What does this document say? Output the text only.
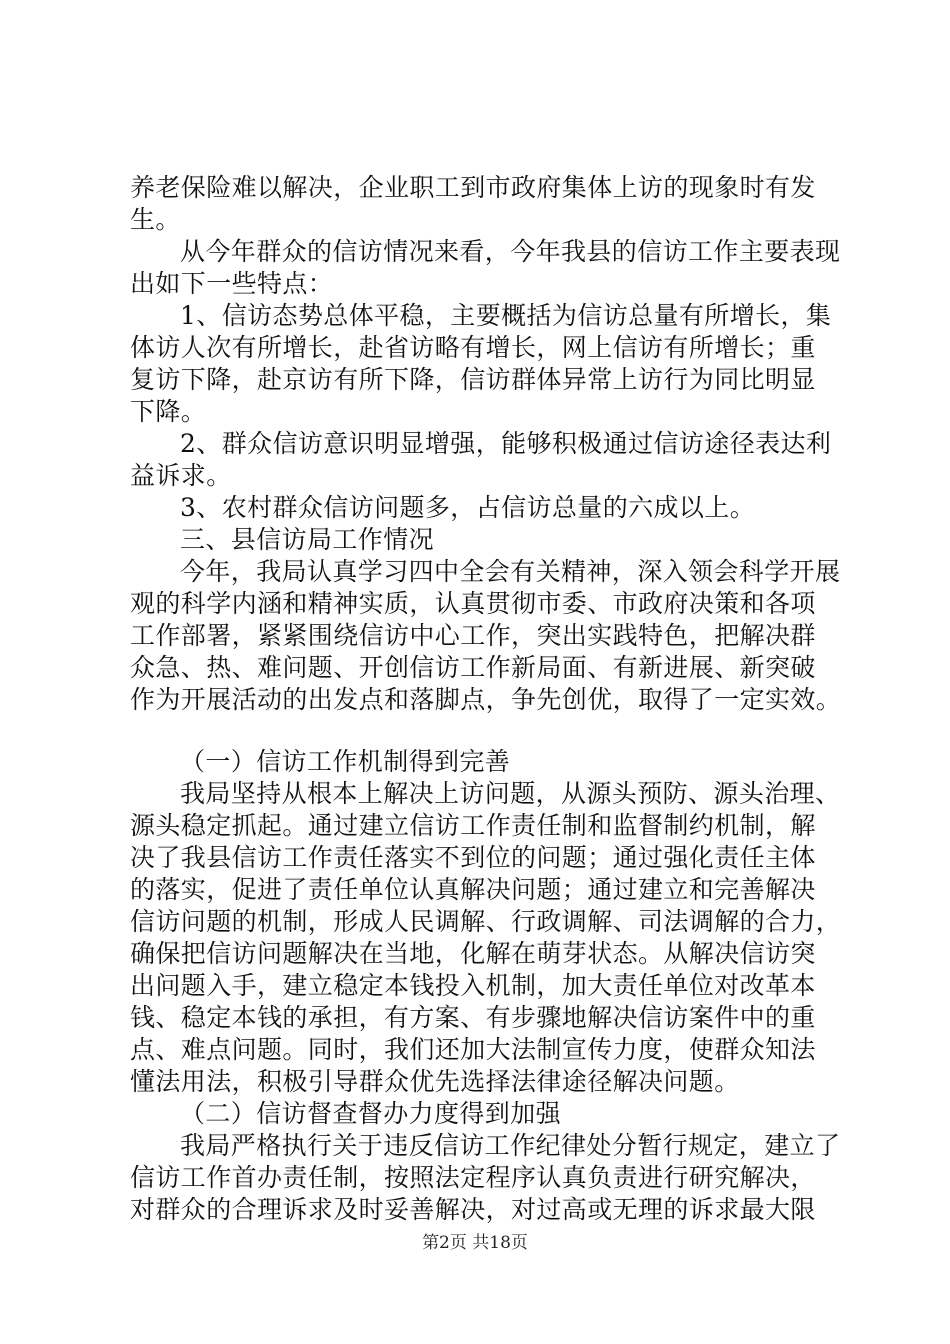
养老保险难以解决，企业职工到市政府集体上访的现象时有发
生。
从今年群众的信访情况来看，今年我县的信访工作主要表现
出如下一些特点：
1、信访态势总体平稳，主要概括为信访总量有所增长，集
体访人次有所增长，赴省访略有增长，网上信访有所增长；重
复访下降，赴京访有所下降，信访群体异常上访行为同比明显
下降。
2、群众信访意识明显增强，能够积极通过信访途径表达利
益诉求。
3、农村群众信访问题多，占信访总量的六成以上。
三、县信访局工作情况
今年，我局认真学习四中全会有关精神，深入领会科学开展
观的科学内涵和精神实质，认真贯彻市委、市政府决策和各项
工作部署，紧紧围绕信访中心工作，突出实践特色，把解决群
众急、热、难问题、开创信访工作新局面、有新进展、新突破
作为开展活动的出发点和落脚点，争先创优，取得了一定实效。
（一）信访工作机制得到完善
我局坚持从根本上解决上访问题，从源头预防、源头治理、
源头稳定抓起。通过建立信访工作责任制和监督制约机制，解
决了我县信访工作责任落实不到位的问题；通过强化责任主体
的落实，促进了责任单位认真解决问题；通过建立和完善解决
信访问题的机制，形成人民调解、行政调解、司法调解的合力，
确保把信访问题解决在当地，化解在萌芽状态。从解决信访突
出问题入手，建立稳定本钱投入机制，加大责任单位对改革本
钱、稳定本钱的承担，有方案、有步骤地解决信访案件中的重
点、难点问题。同时，我们还加大法制宣传力度，使群众知法
懂法用法，积极引导群众优先选择法律途径解决问题。
（二）信访督查督办力度得到加强
我局严格执行关于违反信访工作纪律处分暂行规定，建立了
信访工作首办责任制，按照法定程序认真负责进行研究解决，
对群众的合理诉求及时妥善解决，对过高或无理的诉求最大限
第2页 共18页
